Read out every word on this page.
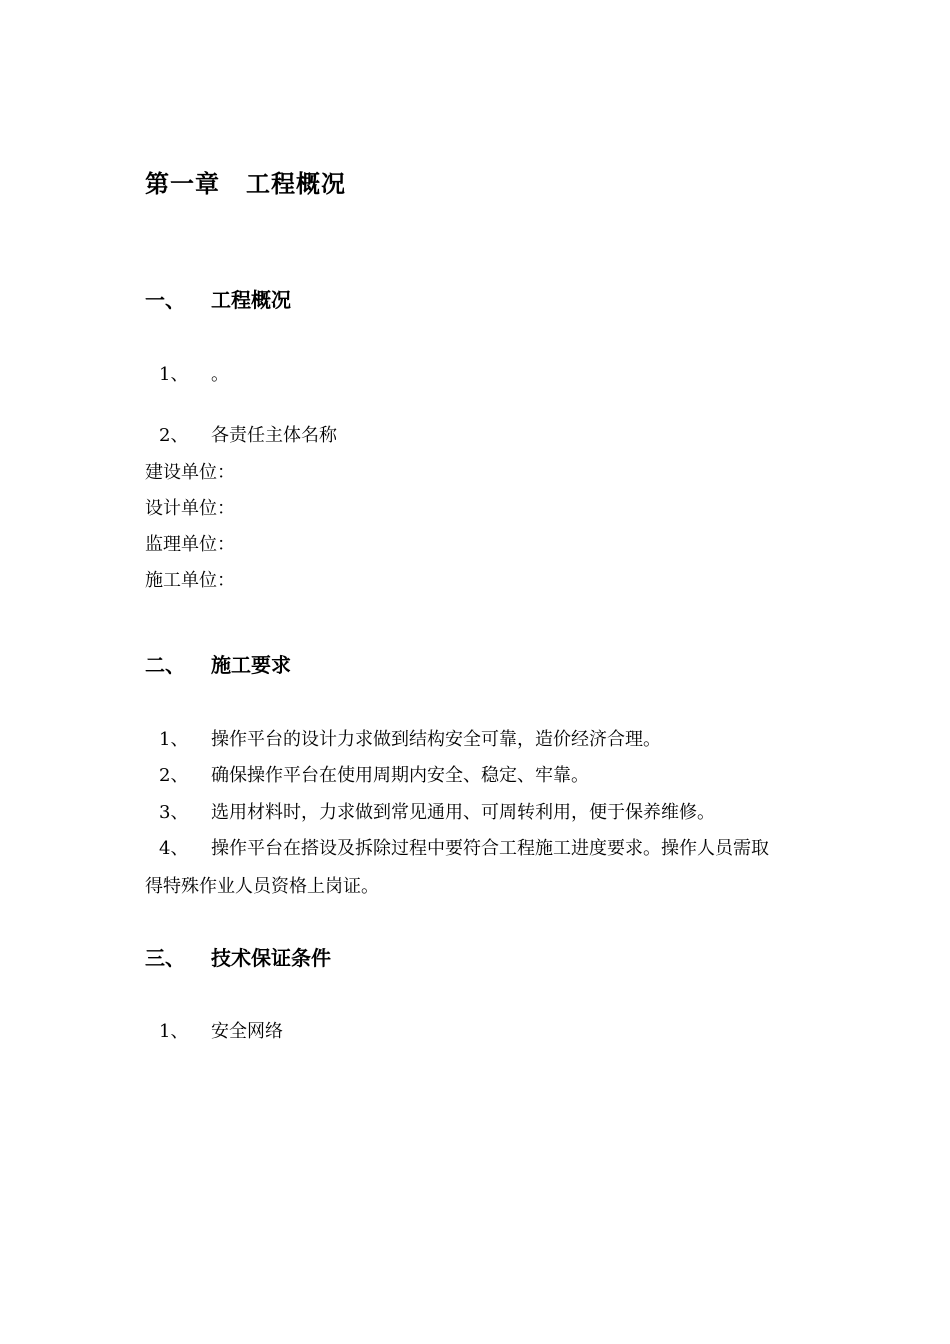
第一章 工程概况
一、 工程概况
1、 。
2、 各责任主体名称
建设单位：
设计单位：
监理单位：
施工单位：
二、 施工要求
1、 操作平台的设计力求做到结构安全可靠，造价经济合理。
2、 确保操作平台在使用周期内安全、稳定、牢靠。
3、 选用材料时，力求做到常见通用、可周转利用，便于保养维修。
4、 操作平台在搭设及拆除过程中要符合工程施工进度要求。操作人员需取
得特殊作业人员资格上岗证。
三、 技术保证条件
1、 安全网络
